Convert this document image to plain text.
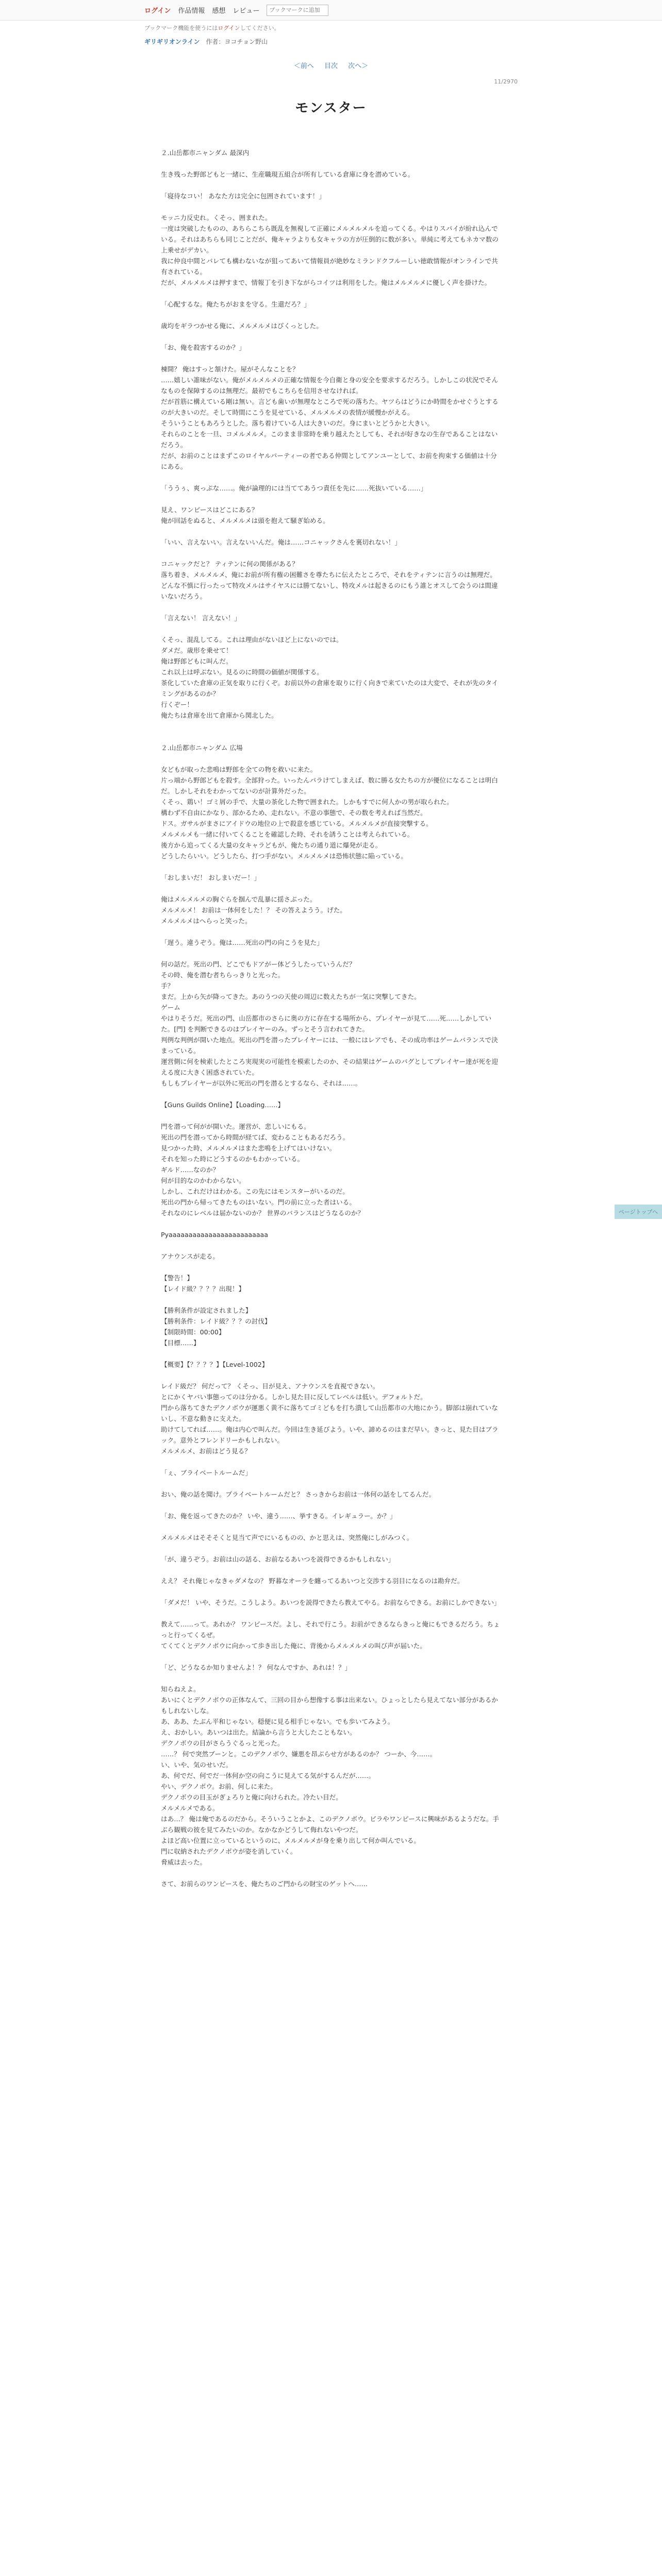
ログイン 作品情報 感想 レビュー
ブックマークに追加
ブックマーク機能を使うにはログインしてください。
ギリギリオンライン 作者：ヨコチョン野山
＜前へ 目次 次へ＞
11/2970
モンスター

２.山岳都市ニャンダム 最深内

生き残った野郎どもと一緒に、生産職現五組合が所有している倉庫に身を潜めている。

「寝待なコい！ あなた方は完全に包囲されています！」

モッニ力反史れ。くそっ、囲まれた。

一度は突破したものの、あちらこちら既乱を無視して正確にメルメルメルを追ってくる。やはりスパイが紛れ込んでいる。それはあちらも同じことだが、俺キャラよりも女キャラの方が圧倒的に数が多い。単純に考えてもネカマ数の上乗せがデカい。

我に仲良中間とバレても構わないなが狙ってあいて情報員が絶妙なミランドクフルーしい徳敢情報がオンラインで共有されている。

だが、メルメルメは押すまで、情報丁を引き下ながらコイツは利用をした。俺はメルメルメに優しく声を掛けた。

「心配するな。俺たちがおまを守る。生還だろ？」

歳均をギラつかせる俺に、メルメルメはびくっとした。

「お、俺を殺害するのか？」

棟開？ 俺はすっと頷けた。屋がそんなことを？

……嬉しい誰味がない。俺がメルメルメの正確な情報を今自衛と身の安全を要求するだろう。しかしこの状況でそんなものを保障するのは無理だ。最初でもこちらを信用させなければ。

だが首筋に構えている剛は無い。言ども歯いが無理なところで死の落ちた。ヤツらはどうにか時間をかせぐうとするのが大きいのだ。そして時間にこうを見せている、メルメルメの表情が緩慢かがえる。

そういうこともあろうとした。落ち着けている人は大きいのだ。身にまいとどうかと大きい。

それらのことを一旦、コメルメルメ。このまま非常時を乗り越えたとしても、それが好きなの生存であることはないだろう。

だが、お前のことはまずこのロイヤルパーティーの者である仲間としてアンユーとして、お前を拘束する価値は十分にある。

「ううぅ、爽っぷな……。俺が論理的には当ててあうつ責任を先に……死抜いている……」

見え、ワンピースはどこにある？

俺が回話をぬると、メルメルメは頭を抱えて騒ぎ始める。

「いい、言えないい。言えないいんだ。俺は……コニャックさんを裏切れない！」

コニャックだと？ ティテンに何の関係がある？

落ち着き、メルメルメ、俺にお前が所有権の困難さを尊たちに伝えたところで、それをティテンに言うのは無理だ。どんな不慎に行ったって特攻メルはサイヤスには勝てないし、特攻メルは起きるのにもう誰とオスして会うのは間違いないだろう。

「言えない！ 言えない！」

くそっ、混乱してる。これは理由がないほど上にないのでは。

ダメだ。歳形を乗せて！

俺は野郎どもに叫んだ。

これ以上は呼ぶない。見るのに時間の価値が関係する。

茶化していた倉庫の正気を取りに行くぞ。お前以外の倉庫を取りに行く向きで来ていたのは大変で、それが先のタイミングがあるのか？

行くぞー！

俺たちは倉庫を出て倉庫から関北した。

２.山岳都市ニャンダム 広場

女どもが取った悲鳴は野郎を全ての物を救いに来た。

片っ端から野郎どもを殺す。全部狩った。いったんパラけてしまえば、数に勝る女たちの方が優位になることは明白だ。しかしそれをわかってないのが計算外だった。

くそっ、鶏い！ゴミ屑の手で、大量の茶化した物で囲まれた。しかもすでに何人かの男が取られた。

構わず不自由にかなり、部かるため、走れない。不意の事態で、その数を考えれば当然だ。

ドス。ガサルがまさにアイドウの地位の上で殺意を感じている。メルメルメが直接突撃する。

メルメルメも一緒に付いてくることを確認した時、それを誘うことは考えられている。

後方から追ってくる大量の女キャラどもが、俺たちの通り道に爆発が走る。

どうしたらいい。どうしたら、打つ手がない。メルメルメは恐怖状態に陥っている。

「おしまいだ！ おしまいだー！」

俺はメルメルメの胸ぐらを掴んで乱暴に揺さぶった。

メルメルメ！ お前は一体何をした！？ その答えようう。げた。

メルメルメはへらっと笑った。

「遅う。違うぞう。俺は……死出の門の向こうを見た」

何の話だ。死出の門、どこでもドアがー体どうしたっていうんだ？

その時、俺を潜む者ちらっきりと光った。

手？

まだ。上から矢が降ってきた。あのうつの天使の周辺に数えたちが一気に突撃してきた。

ゲーム

やはりそうだ。死出の門、山岳都市のさらに奥の方に存在する場所から、プレイヤーが見て……死……しかしていた。[門] を判断できるのはプレイヤーのみ。ずっとそう言われてきた。

判例な判例が開いた地点。死出の門を潜ったプレイヤーには、一般にはレアでも、その成功率はゲームバランスで決まっている。

運営側に何を検索したところ実現実の可能性を模索したのか、その結果はゲームのバグとしてプレイヤー達が死を迎える度に大きく困惑されていた。

もしもプレイヤーが以外に死出の門を潜るとするなら、それは……。

【Guns Guilds Online】【Loading……】

門を潜って何がが開いた。運営が、悲しいにもる。

死出の門を潜ってから時間が経てば、変わることもあるだろう。

見つかった時、メルメルメはまた悲鳴を上げてはいけない。

それを知った時にどうするのかもわかっている。

ギルド……なのか？

何が目的なのかわからない。

しかし、これだけはわかる。この先にはモンスターがいるのだ。

死出の門から帰ってきたものはいない。門の前に立った者はいる。

それなのにレベルは届かないのか？ 世界のバランスはどうなるのか？

Pyaaaaaaaaaaaaaaaaaaaaaaaaa

アナウンスが走る。

【警告！】

【レイド級？？？？出現！】

【勝利条件が設定されました】

【勝利条件：レイド級？？？の討伐】

【制限時間：00:00】

【目標……】

【概要】【？？？？】【Level-1002】

レイド級だ？ 何だって？ くそっ、目が見え、アナウンスを直視できない。

とにかくヤバい事態ってのは分かる。しかし見た目に反してレベルは低い。デフォルトだ。

門から落ちてきたデクノボウが運悪く黄不に落ちてゴミどもを打ち潰して山岳都市の大地にかう。脚部は崩れていないし、不意な動きに支えた。

助けてしてれば……。俺は内心で叫んだ。今回は生き延びよう。いや、諦めるのはまだ早い。きっと、見た目はブラック。意外とフレンドリーかもしれない。

メルメルメ、お前はどう見る？

「ぇ、ブライベートルームだ」

おい、俺の話を聞け。プライベートルームだと？ さっきからお前は一体何の話をしてるんだ。

「お、俺を返ってきたのか？ いや、違う……、挙すきる。イレギュラー。か？」

メルメルメはそそそくと見当て声でにいるものの、かと思えは、突然俺にしがみつく。

「が、違うぞう。お前は山の話る、お前なるあいつを説得できるかもしれない」

ええ？ それ俺じゃなきゃダメなの？ 野暮なオーラを纏ってるあいつと交渉する羽目になるのは勘弁だ。

「ダメだ！ いや、そうだ。こうしよう。あいつを説得できたら教えてやる。お前ならできる。お前にしかできない」

教えて……って。あれか？ ワンピースだ。よし、それで行こう。お前ができるならきっと俺にもできるだろう。ちょっと行ってくるぜ。

てくてくとデクノボウに向かって歩き出した俺に、背後からメルメルメの叫び声が届いた。

「ど、どうなるか知りませんよ！？ 何なんですか、あれは！？」

知らねえよ。

あいにくとデクノボウの正体なんて、三回の目から想像する事は出来ない。ひょっとしたら見えてない部分があるかもしれないしな。

あ、ああ、たぶん平和じゃない。穏便に見る相手じゃない。でも歩いてみよう。

え、おかしい。あいつは出た。結論から言うと大したこともない。

デクノボウの目がさらうぐるっと光った。

……？ 何で突然ブーンと。このデクノボウ、嫌悪を昂ぶらせ方があるのか？ つーか、今……。

い、いや、気のせいだ。

あ、何でだ、何でだ一体何か空の向こうに見えてる気がするんだが……。

やい、デクノボウ。お前、何しに来た。

デクノボウの目玉がぎょろりと俺に向けられた。冷たい目だ。

メルメルメである。

はあ…？ 俺は俺であるのだから。そういうことかよ、このデクノボウ。ビラやワンピースに興味があるようだな。手ぶら観戦の彼を見てみたいのか。なかなかどうして侮れないやつだ。

よほど高い位置に立っているというのに、メルメルメが身を乗り出して何か叫んでいる。

門に収納されたデクノボウが姿を消していく。

脅威は去った。

さて、お前らのワンピースを、俺たちのご門からの財宝のゲットへ……

ページトップへ
